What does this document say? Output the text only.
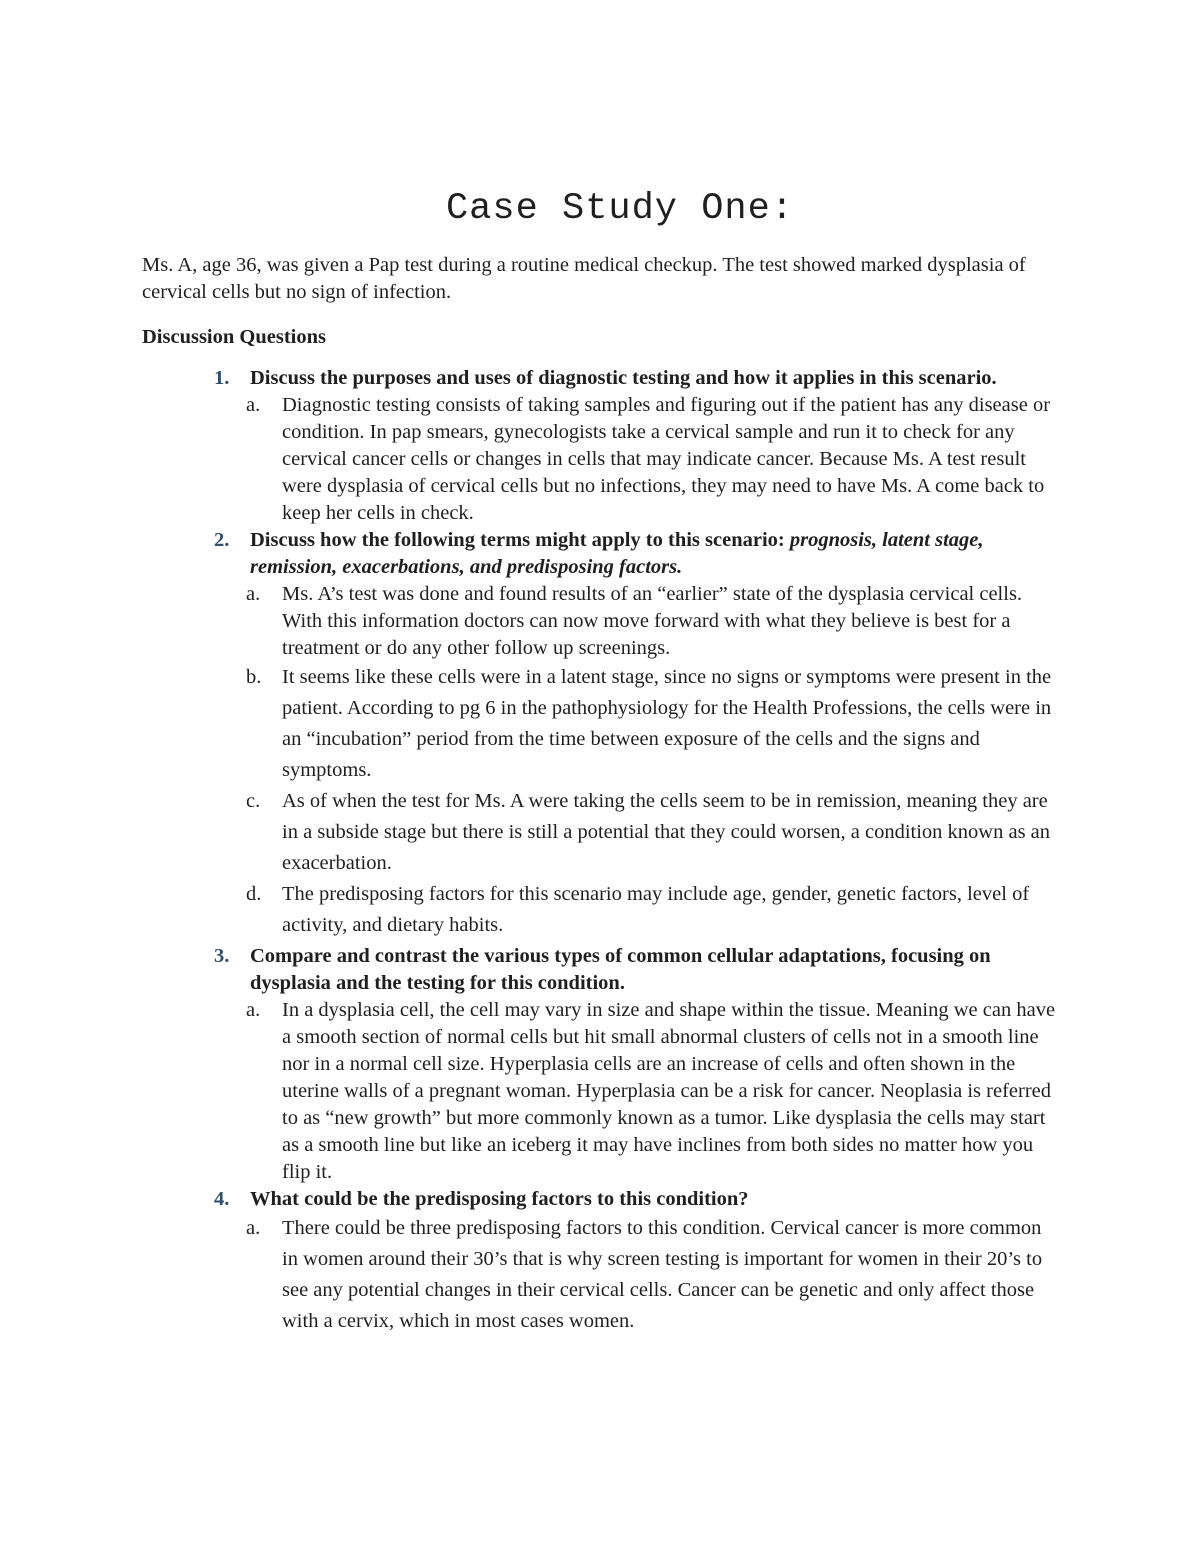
Case Study One:

Ms. A, age 36, was given a Pap test during a routine medical checkup. The test showed marked dysplasia of cervical cells but no sign of infection.

Discussion Questions

1. Discuss the purposes and uses of diagnostic testing and how it applies in this scenario.
a. Diagnostic testing consists of taking samples and figuring out if the patient has any disease or condition. In pap smears, gynecologists take a cervical sample and run it to check for any cervical cancer cells or changes in cells that may indicate cancer. Because Ms. A test result were dysplasia of cervical cells but no infections, they may need to have Ms. A come back to keep her cells in check.
2. Discuss how the following terms might apply to this scenario: prognosis, latent stage, remission, exacerbations, and predisposing factors.
a. Ms. A’s test was done and found results of an “earlier” state of the dysplasia cervical cells. With this information doctors can now move forward with what they believe is best for a treatment or do any other follow up screenings.
b. It seems like these cells were in a latent stage, since no signs or symptoms were present in the patient. According to pg 6 in the pathophysiology for the Health Professions, the cells were in an “incubation” period from the time between exposure of the cells and the signs and symptoms.
c. As of when the test for Ms. A were taking the cells seem to be in remission, meaning they are in a subside stage but there is still a potential that they could worsen, a condition known as an exacerbation.
d. The predisposing factors for this scenario may include age, gender, genetic factors, level of activity, and dietary habits.
3. Compare and contrast the various types of common cellular adaptations, focusing on dysplasia and the testing for this condition.
a. In a dysplasia cell, the cell may vary in size and shape within the tissue. Meaning we can have a smooth section of normal cells but hit small abnormal clusters of cells not in a smooth line nor in a normal cell size. Hyperplasia cells are an increase of cells and often shown in the uterine walls of a pregnant woman. Hyperplasia can be a risk for cancer. Neoplasia is referred to as “new growth” but more commonly known as a tumor. Like dysplasia the cells may start as a smooth line but like an iceberg it may have inclines from both sides no matter how you flip it.
4. What could be the predisposing factors to this condition?
a. There could be three predisposing factors to this condition. Cervical cancer is more common in women around their 30’s that is why screen testing is important for women in their 20’s to see any potential changes in their cervical cells. Cancer can be genetic and only affect those with a cervix, which in most cases women.
